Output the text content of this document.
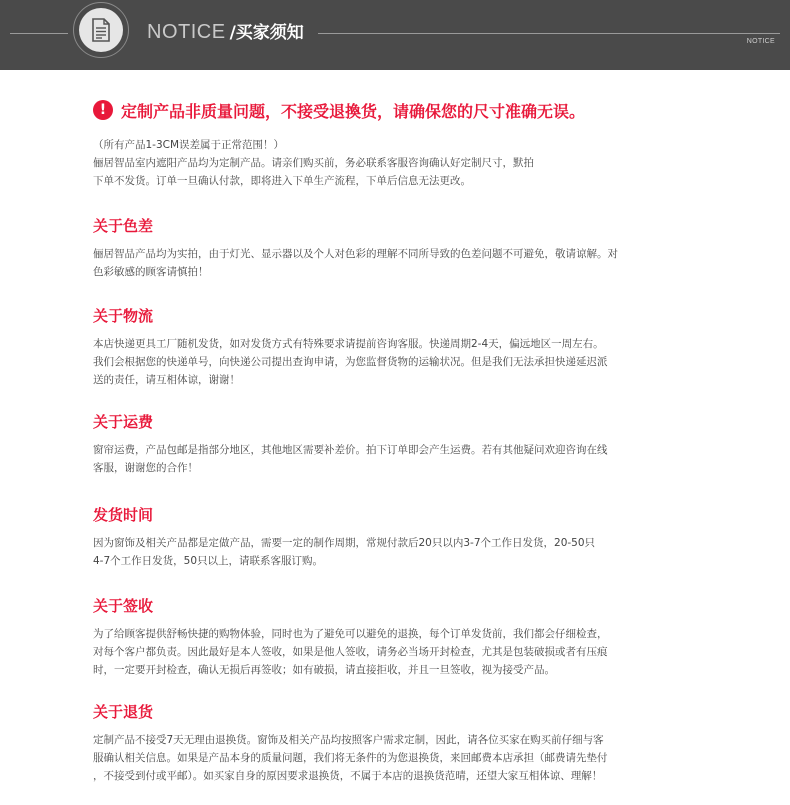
NOTICE /买家须知	NOTICE
! 定制产品非质量问题，不接受退換货，请确保您的尺寸准确无误。
（所有产品1-3CM误差属于正常范围！）
俪居智品室内遮阳产品均为定制产品。请亲们购买前，务必联系客服咨询确认好定制尺寸，默拍
下单不发货。订单一旦确认付款，即将进入下单生产流程，下单后信息无法更改。
关于色差
俪居智品产品均为实拍，由于灯光、显示器以及个人对色彩的理解不同所导致的色差问题不可避免，敬请谅解。对
色彩敏感的顾客请慎拍！
关于物流
本店快递更具工厂随机发货，如对发货方式有特殊要求请提前咨询客服。快递周期2-4天，偏远地区一周左右。
我们会根据您的快递单号，向快递公司提出查询申请，为您监督货物的运输状况。但是我们无法承担快递延迟派
送的责任，请互相体谅，谢谢！
关于运费
窗帘运费，产品包邮是指部分地区，其他地区需要补差价。拍下订单即会产生运费。若有其他疑问欢迎咨询在线
客服，谢谢您的合作！
发货时间
因为窗饰及相关产品都是定做产品，需要一定的制作周期，常规付款后20只以内3-7个工作日发货，20-50只
4-7个工作日发货，50只以上，请联系客服订购。
关于签收
为了给顾客提供舒畅快捷的购物体验，同时也为了避免可以避免的退换，每个订单发货前，我们都会仔细检查，
对每个客户都负责。因此最好是本人签收，如果是他人签收，请务必当场开封检查，尤其是包装破损或者有压痕
时，一定要开封检查，确认无损后再签收；如有破损，请直接拒收，并且一旦签收，视为接受产品。
关于退货
定制产品不接受7天无理由退换货。窗饰及相关产品均按照客户需求定制，因此，请各位买家在购买前仔细与客
服确认相关信息。如果是产品本身的质量问题，我们将无条件的为您退换货，来回邮费本店承担（邮费请先垫付
，不接受到付或平邮）。如买家自身的原因要求退换货，不属于本店的退换货范晴，还望大家互相体谅、理解！
